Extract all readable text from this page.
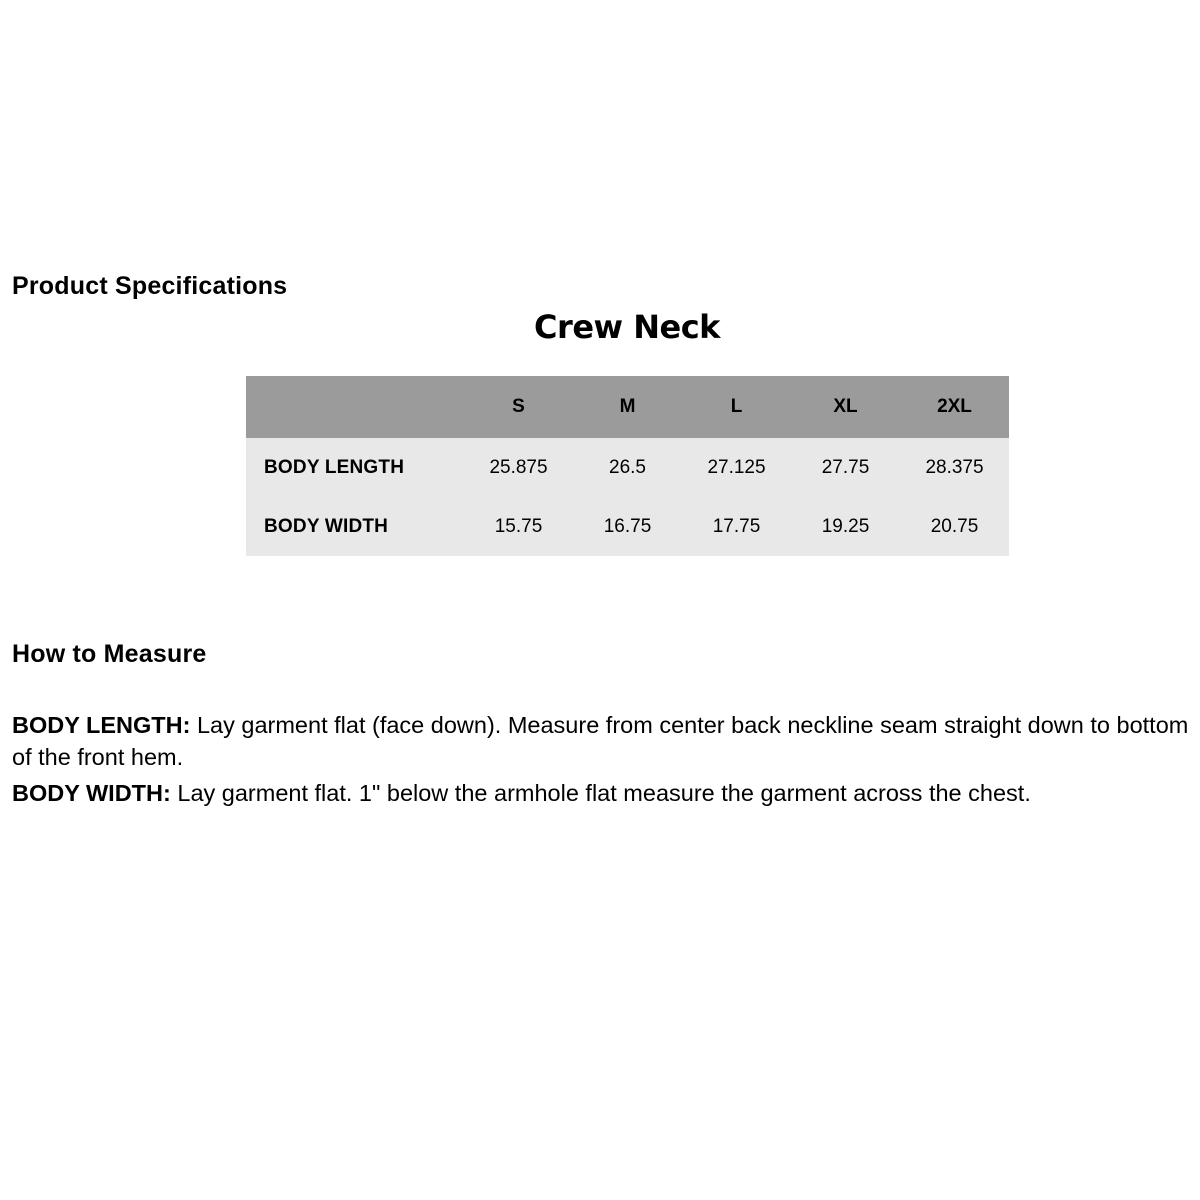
Product Specifications
Crew Neck
	S	M	L	XL	2XL
BODY LENGTH	25.875	26.5	27.125	27.75	28.375
BODY WIDTH	15.75	16.75	17.75	19.25	20.75
How to Measure

BODY LENGTH: Lay garment flat (face down). Measure from center back neckline seam straight down to bottom of the front hem.

BODY WIDTH: Lay garment flat. 1" below the armhole flat measure the garment across the chest.
